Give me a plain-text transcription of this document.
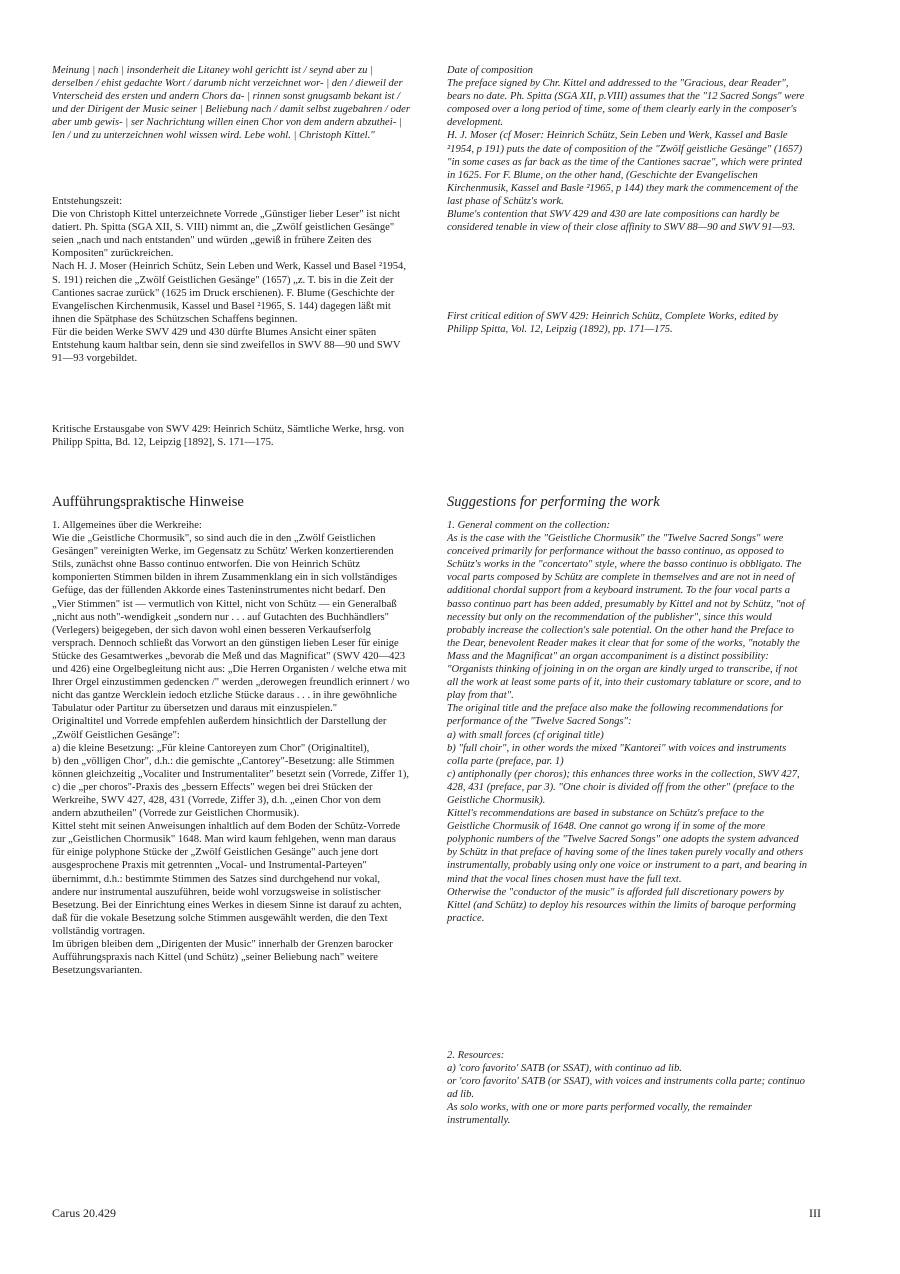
Meinung | nach | insonderheit die Litaney wohl gerichtt ist / seynd aber zu | derselben / ehist gedachte Wort / darumb nicht verzeichnet wor- | den / dieweil der Vnterscheid des ersten und andern Chors da- | rinnen sonst gnugsamb bekant ist / und der Dirigent der Music seiner | Beliebung nach / damit selbst zugebahren / oder aber umb gewis- | ser Nachrichtung willen einen Chor von dem andern abzuthei- | len / und zu unterzeichnen wohl wissen wird. Lebe wohl. | Christoph Kittel."

Entstehungszeit:

Die von Christoph Kittel unterzeichnete Vorrede „Günstiger lieber Leser" ist nicht datiert. Ph. Spitta (SGA XII, S. VIII) nimmt an, die „Zwölf geistlichen Gesänge" seien „nach und nach entstanden" und würden „gewiß in frühere Zeiten des Kompositen" zurückreichen.

Nach H. J. Moser (Heinrich Schütz, Sein Leben und Werk, Kassel und Basel ²1954, S. 191) reichen die „Zwölf Geistlichen Gesänge" (1657) „z. T. bis in die Zeit der Cantiones sacrae zurück" (1625 im Druck erschienen). F. Blume (Geschichte der Evangelischen Kirchenmusik, Kassel und Basel ²1965, S. 144) dagegen läßt mit ihnen die Spätphase des Schützschen Schaffens beginnen.

Für die beiden Werke SWV 429 und 430 dürfte Blumes Ansicht einer späten Entstehung kaum haltbar sein, denn sie sind zweifellos in SWV 88—90 und SWV 91—93 vorgebildet.

Kritische Erstausgabe von SWV 429: Heinrich Schütz, Sämtliche Werke, hrsg. von Philipp Spitta, Bd. 12, Leipzig [1892], S. 171—175.
Aufführungspraktische Hinweise

1. Allgemeines über die Werkreihe:

Wie die „Geistliche Chormusik", so sind auch die in den „Zwölf Geistlichen Gesängen" vereinigten Werke, im Gegensatz zu Schütz' Werken konzertierenden Stils, zunächst ohne Basso continuo entworfen. Die von Heinrich Schütz komponierten Stimmen bilden in ihrem Zusammenklang ein in sich vollständiges Gefüge, das der füllenden Akkorde eines Tasteninstrumentes nicht bedarf. Den „Vier Stimmen" ist — vermutlich von Kittel, nicht von Schütz — ein Generalbaß „nicht aus noth"-wendigkeit „sondern nur . . . auf Gutachten des Buchhändlers" (Verlegers) beigegeben, der sich davon wohl einen besseren Verkaufserfolg versprach. Dennoch schließt das Vorwort an den günstigen lieben Leser für einige Stücke des Gesamtwerkes „bevorab die Meß und das Magnificat" (SWV 420—423 und 426) eine Orgelbegleitung nicht aus: „Die Herren Organisten / welche etwa mit Ihrer Orgel einzustimmen gedencken /" werden „derowegen freundlich erinnert / wo nicht das gantze Wercklein iedoch etzliche Stücke daraus . . . in ihre gewöhnliche Tabulatur oder Partitur zu übersetzen und daraus mit einzuspielen."

Originaltitel und Vorrede empfehlen außerdem hinsichtlich der Darstellung der „Zwölf Geistlichen Gesänge":

a) die kleine Besetzung: „Für kleine Cantoreyen zum Chor" (Originaltitel),

b) den „völligen Chor", d.h.: die gemischte „Cantorey"-Besetzung: alle Stimmen können gleichzeitig „Vocaliter und Instrumentaliter" besetzt sein (Vorrede, Ziffer 1),

c) die „per choros"-Praxis des „bessern Effects" wegen bei drei Stücken der Werkreihe, SWV 427, 428, 431 (Vorrede, Ziffer 3), d.h. „einen Chor von dem andern abzutheilen" (Vorrede zur Geistlichen Chormusik).

Kittel steht mit seinen Anweisungen inhaltlich auf dem Boden der Schütz-Vorrede zur „Geistlichen Chormusik" 1648. Man wird kaum fehlgehen, wenn man daraus für einige polyphone Stücke der „Zwölf Geistlichen Gesänge" auch jene dort ausgesprochene Praxis mit getrennten „Vocal- und Instrumental-Parteyen" übernimmt, d.h.: bestimmte Stimmen des Satzes sind durchgehend nur vokal, andere nur instrumental auszuführen, beide wohl vorzugsweise in solistischer Besetzung. Bei der Einrichtung eines Werkes in diesem Sinne ist darauf zu achten, daß für die vokale Besetzung solche Stimmen ausgewählt werden, die den Text vollständig vortragen.

Im übrigen bleiben dem „Dirigenten der Music" innerhalb der Grenzen barocker Aufführungspraxis nach Kittel (und Schütz) „seiner Beliebung nach" weitere Besetzungsvarianten.

Date of composition

The preface signed by Chr. Kittel and addressed to the "Gracious, dear Reader", bears no date. Ph. Spitta (SGA XII, p.VIII) assumes that the "12 Sacred Songs" were composed over a long period of time, some of them clearly early in the composer's development.

H. J. Moser (cf Moser: Heinrich Schütz, Sein Leben und Werk, Kassel and Basle ²1954, p 191) puts the date of composition of the "Zwölf geistliche Gesänge" (1657) "in some cases as far back as the time of the Cantiones sacrae", which were printed in 1625. For F. Blume, on the other hand, (Geschichte der Evangelischen Kirchenmusik, Kassel and Basle ²1965, p 144) they mark the commencement of the last phase of Schütz's work.

Blume's contention that SWV 429 and 430 are late compositions can hardly be considered tenable in view of their close affinity to SWV 88—90 and SWV 91—93.

First critical edition of SWV 429: Heinrich Schütz, Complete Works, edited by Philipp Spitta, Vol. 12, Leipzig (1892), pp. 171—175.
Suggestions for performing the work

1. General comment on the collection:

As is the case with the "Geistliche Chormusik" the "Twelve Sacred Songs" were conceived primarily for performance without the basso continuo, as opposed to Schütz's works in the "concertato" style, where the basso continuo is obbligato. The vocal parts composed by Schütz are complete in themselves and are not in need of additional chordal support from a keyboard instrument. To the four vocal parts a basso continuo part has been added, presumably by Kittel and not by Schütz, "not of necessity but only on the recommendation of the publisher", since this would probably increase the collection's sale potential. On the other hand the Preface to the Dear, benevolent Reader makes it clear that for some of the works, "notably the Mass and the Magnificat" an organ accompaniment is a distinct possibility: "Organists thinking of joining in on the organ are kindly urged to transcribe, if not all the work at least some parts of it, into their customary tablature or score, and to play from that".

The original title and the preface also make the following recommendations for performance of the "Twelve Sacred Songs":

a) with small forces (cf original title)

b) "full choir", in other words the mixed "Kantorei" with voices and instruments colla parte (preface, par. 1)

c) antiphonally (per choros); this enhances three works in the collection, SWV 427, 428, 431 (preface, par 3). "One choir is divided off from the other" (preface to the Geistliche Chormusik).

Kittel's recommendations are based in substance on Schütz's preface to the Geistliche Chormusik of 1648. One cannot go wrong if in some of the more polyphonic numbers of the "Twelve Sacred Songs" one adopts the system advanced by Schütz in that preface of having some of the lines taken purely vocally and others instrumentally, probably using only one voice or instrument to a part, and bearing in mind that the vocal lines chosen must have the full text.

Otherwise the "conductor of the music" is afforded full discretionary powers by Kittel (and Schütz) to deploy his resources within the limits of baroque performing practice.

2. Resources:

a) 'coro favorito' SATB (or SSAT), with continuo ad lib.

or 'coro favorito' SATB (or SSAT), with voices and instruments colla parte; continuo ad lib.

As solo works, with one or more parts performed vocally, the remainder instrumentally.

Carus 20.429	III
